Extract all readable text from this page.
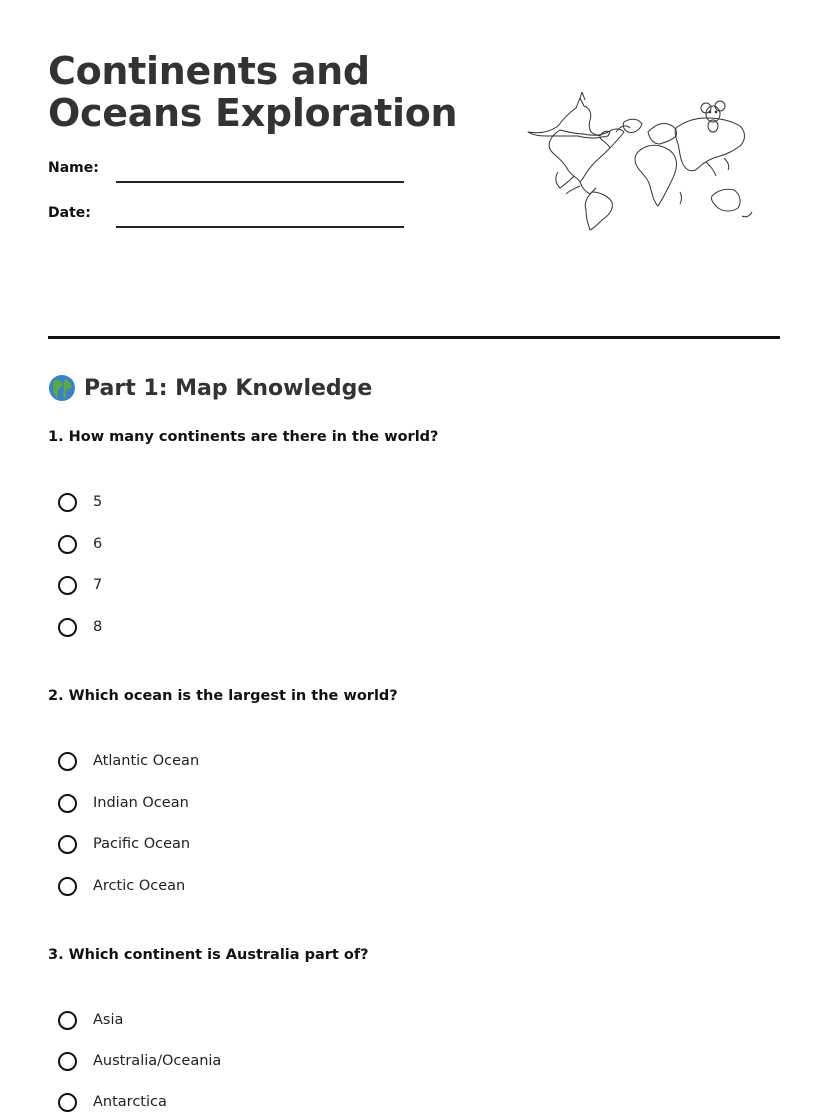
Continents and Oceans Exploration
Name:
Date:
Part 1: Map Knowledge

1. How many continents are there in the world?

5
6
7
8

2. Which ocean is the largest in the world?

Atlantic Ocean
Indian Ocean
Pacific Ocean
Arctic Ocean

3. Which continent is Australia part of?

Asia
Australia/Oceania
Antarctica
